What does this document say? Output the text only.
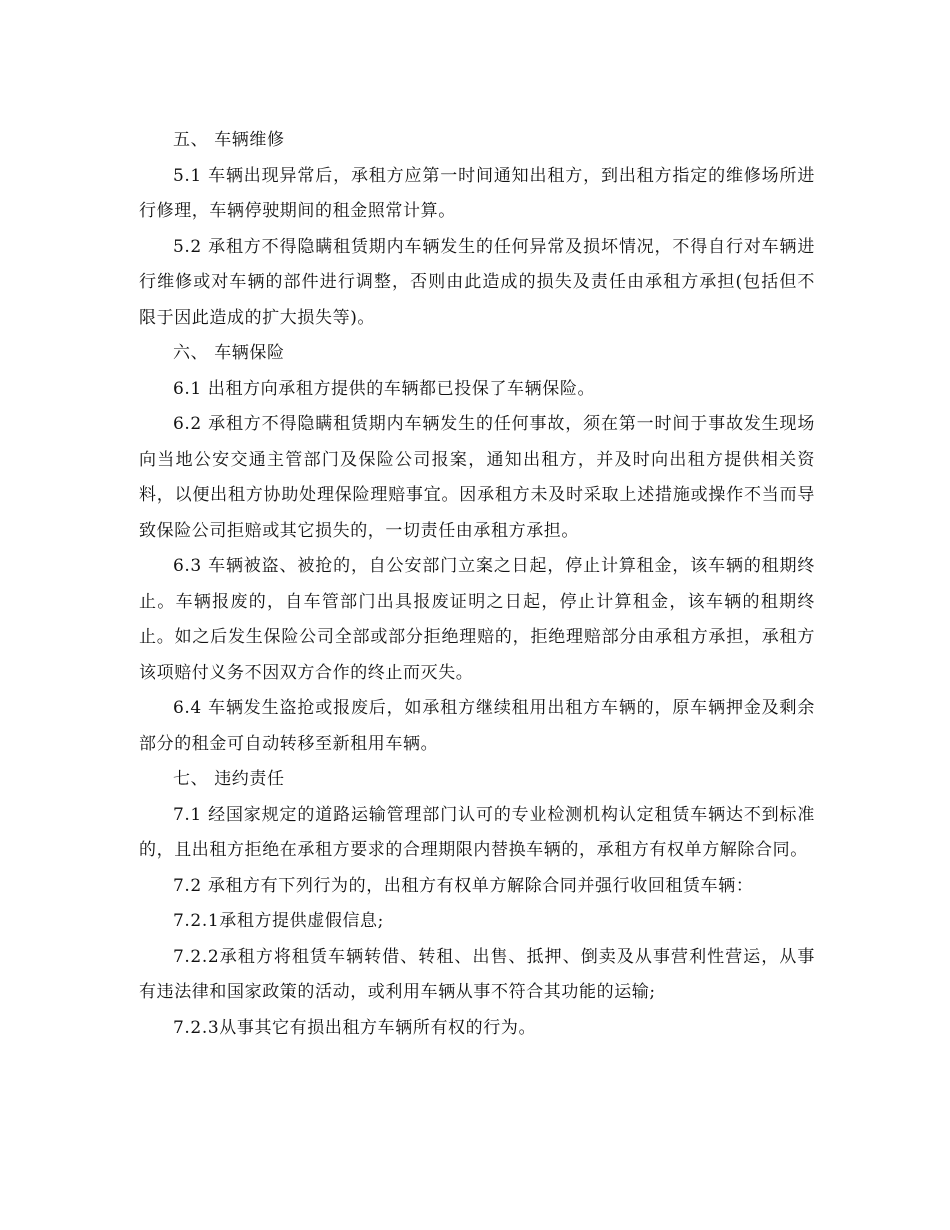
五、 车辆维修

5.1 车辆出现异常后，承租方应第一时间通知出租方，到出租方指定的维修场所进行修理，车辆停驶期间的租金照常计算。

5.2 承租方不得隐瞒租赁期内车辆发生的任何异常及损坏情况，不得自行对车辆进行维修或对车辆的部件进行调整，否则由此造成的损失及责任由承租方承担(包括但不限于因此造成的扩大损失等)。

六、 车辆保险

6.1 出租方向承租方提供的车辆都已投保了车辆保险。

6.2 承租方不得隐瞒租赁期内车辆发生的任何事故，须在第一时间于事故发生现场向当地公安交通主管部门及保险公司报案，通知出租方，并及时向出租方提供相关资料，以便出租方协助处理保险理赔事宜。因承租方未及时采取上述措施或操作不当而导致保险公司拒赔或其它损失的，一切责任由承租方承担。

6.3 车辆被盗、被抢的，自公安部门立案之日起，停止计算租金，该车辆的租期终止。车辆报废的，自车管部门出具报废证明之日起，停止计算租金，该车辆的租期终止。如之后发生保险公司全部或部分拒绝理赔的，拒绝理赔部分由承租方承担，承租方该项赔付义务不因双方合作的终止而灭失。

6.4 车辆发生盗抢或报废后，如承租方继续租用出租方车辆的，原车辆押金及剩余部分的租金可自动转移至新租用车辆。

七、 违约责任

7.1 经国家规定的道路运输管理部门认可的专业检测机构认定租赁车辆达不到标准的，且出租方拒绝在承租方要求的合理期限内替换车辆的，承租方有权单方解除合同。

7.2 承租方有下列行为的，出租方有权单方解除合同并强行收回租赁车辆：

7.2.1承租方提供虚假信息;

7.2.2承租方将租赁车辆转借、转租、出售、抵押、倒卖及从事营利性营运，从事有违法律和国家政策的活动，或利用车辆从事不符合其功能的运输;

7.2.3从事其它有损出租方车辆所有权的行为。
